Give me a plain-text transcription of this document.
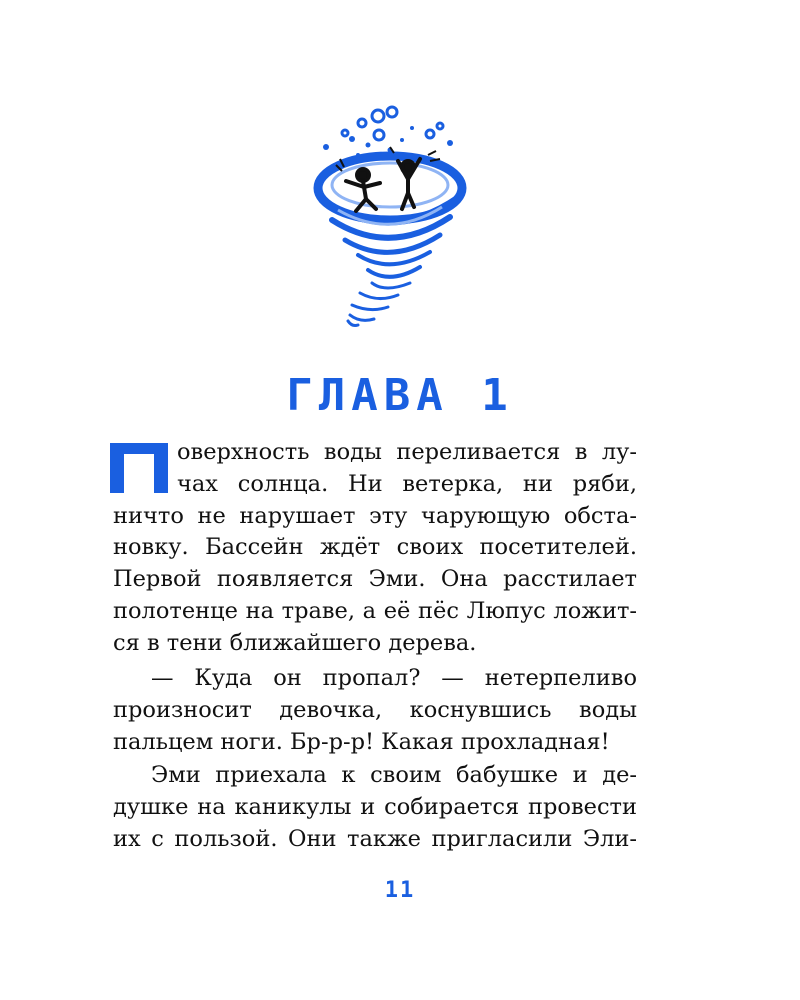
ГЛАВА 1
оверхность воды переливается в лу-
чах солнца. Ни ветерка, ни ряби,
ничто не нарушает эту чарующую обста-
новку. Бассейн ждёт своих посетителей.
Первой появляется Эми. Она расстилает
полотенце на траве, а её пёс Люпус ложит-
ся в тени ближайшего дерева.
— Куда он пропал? — нетерпеливо
произносит девочка, коснувшись воды
пальцем ноги. Бр-р-р! Какая прохладная!
Эми приехала к своим бабушке и де-
душке на каникулы и собирается провести
их с пользой. Они также пригласили Эли-
11
